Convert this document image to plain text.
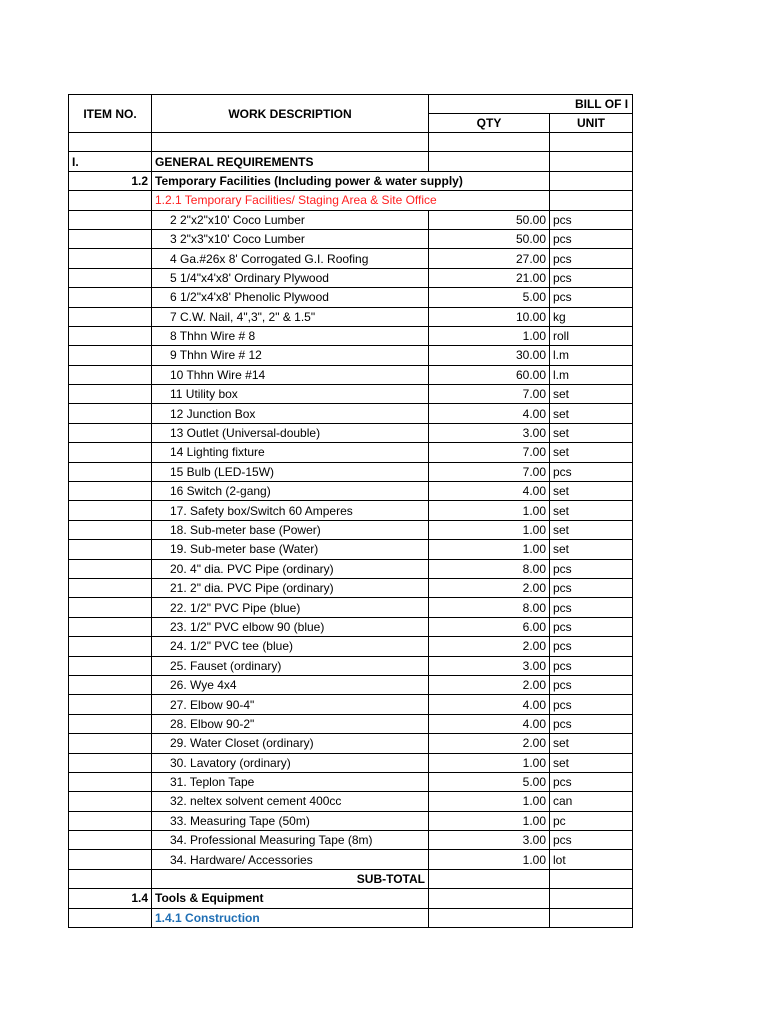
ITEM NO.	WORK DESCRIPTION	BILL OF I	
		QTY	UNIT

I.	GENERAL REQUIREMENTS		
1.2	Temporary Facilities (Including power & water supply)		
	1.2.1 Temporary Facilities/ Staging Area & Site Office		
	2 2"x2"x10' Coco Lumber	50.00	pcs
	3 2"x3"x10' Coco Lumber	50.00	pcs
	4 Ga.#26x 8' Corrogated G.I. Roofing	27.00	pcs
	5 1/4"x4'x8' Ordinary Plywood	21.00	pcs
	6 1/2"x4'x8' Phenolic Plywood	5.00	pcs
	7 C.W. Nail, 4",3", 2" & 1.5"	10.00	kg
	8 Thhn Wire # 8	1.00	roll
	9 Thhn Wire # 12	30.00	l.m
	10 Thhn Wire #14	60.00	l.m
	11 Utility box	7.00	set
	12 Junction Box	4.00	set
	13 Outlet (Universal-double)	3.00	set
	14 Lighting fixture	7.00	set
	15 Bulb (LED-15W)	7.00	pcs
	16 Switch (2-gang)	4.00	set
	17. Safety box/Switch 60 Amperes	1.00	set
	18. Sub-meter base (Power)	1.00	set
	19. Sub-meter base (Water)	1.00	set
	20. 4" dia. PVC Pipe (ordinary)	8.00	pcs
	21. 2" dia. PVC Pipe (ordinary)	2.00	pcs
	22. 1/2" PVC Pipe (blue)	8.00	pcs
	23. 1/2" PVC elbow 90 (blue)	6.00	pcs
	24. 1/2" PVC tee (blue)	2.00	pcs
	25. Fauset (ordinary)	3.00	pcs
	26. Wye 4x4	2.00	pcs
	27. Elbow 90-4"	4.00	pcs
	28. Elbow 90-2"	4.00	pcs
	29. Water Closet (ordinary)	2.00	set
	30. Lavatory (ordinary)	1.00	set
	31. Teplon Tape	5.00	pcs
	32. neltex solvent cement 400cc	1.00	can
	33. Measuring Tape (50m)	1.00	pc
	34. Professional Measuring Tape (8m)	3.00	pcs
	34. Hardware/ Accessories	1.00	lot
	SUB-TOTAL		
1.4	Tools & Equipment		
	1.4.1 Construction		
